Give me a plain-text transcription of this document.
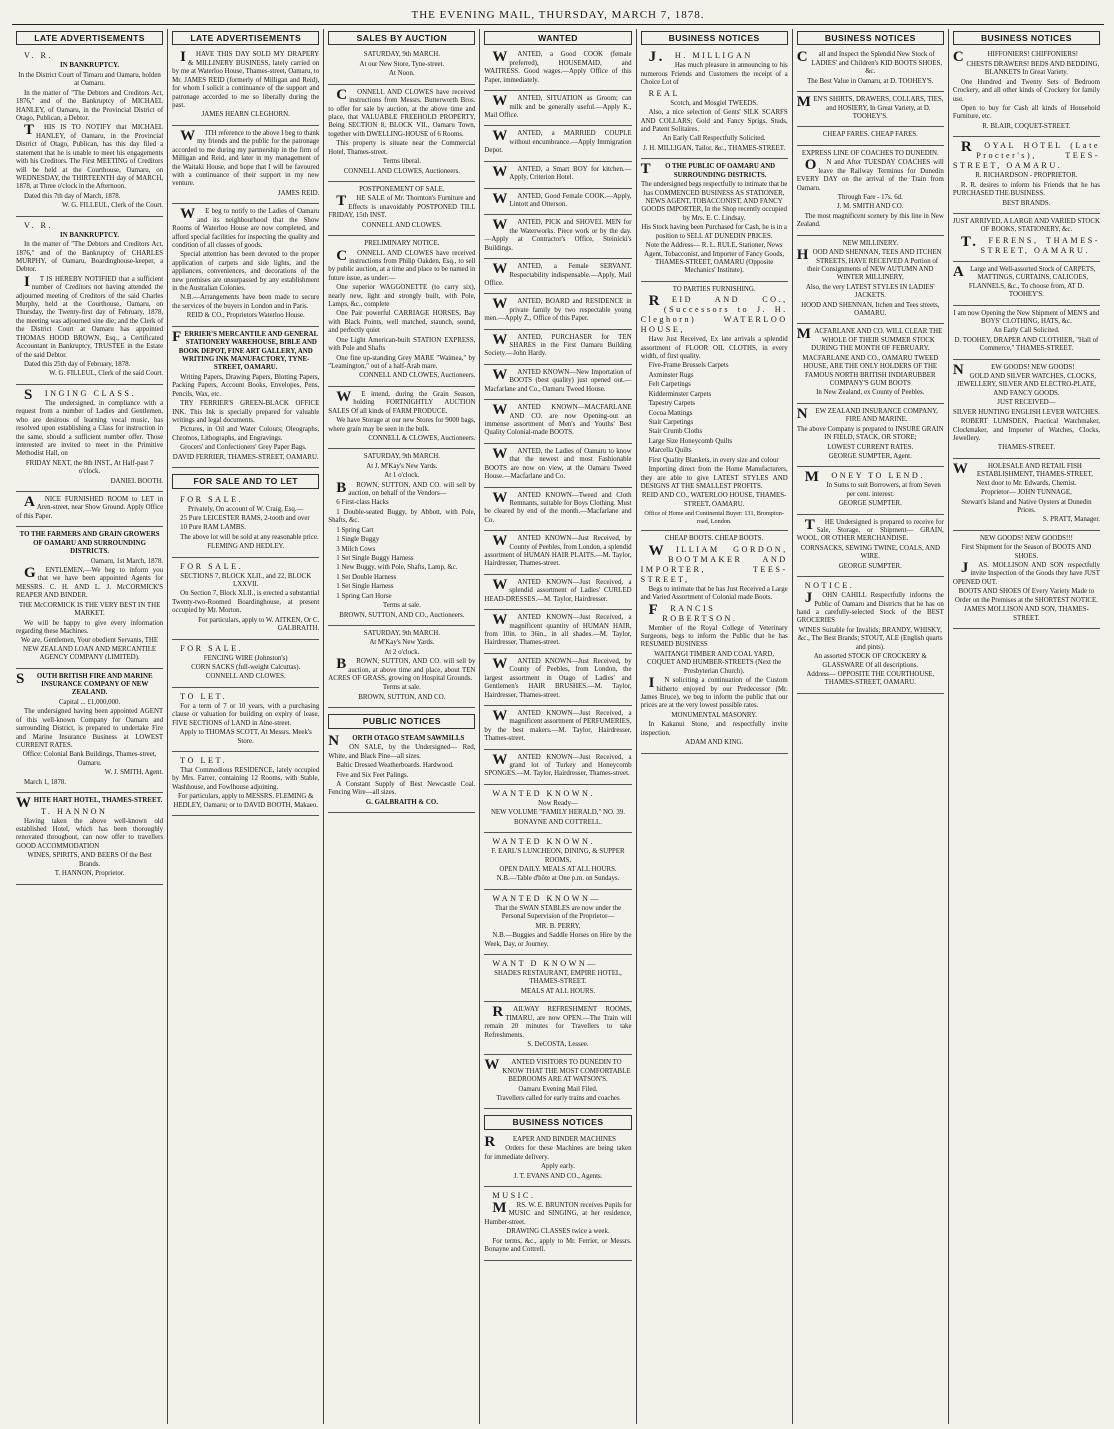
THE EVENING MAIL, THURSDAY, MARCH 7, 1878.
LATE ADVERTISEMENTS

V. R.

IN BANKRUPTCY.

In the District Court of Timaru and Oamaru, holden at Oamaru.

In the matter of "The Debtors and Creditors Act, 1876," and of the Bankruptcy of MICHAEL HANLEY, of Oamaru, in the Provincial District of Otago, Publican, a Debtor.

THIS IS TO NOTIFY that MICHAEL HANLEY, of Oamaru, in the Provincial District of Otago, Publican, has this day filed a statement that he is unable to meet his engagements with his Creditors. The First MEETING of Creditors will be held at the Courthouse, Oamaru, on WEDNESDAY, the THIRTEENTH day of MARCH, 1878, at Three o'clock in the Afternoon.

Dated this 7th day of March, 1878.

W. G. FILLEUL, Clerk of the Court.

V. R.

IN BANKRUPTCY.

In the matter of "The Debtors and Creditors Act, 1876," and of the Bankruptcy of CHARLES MURPHY, of Oamaru, Boardinghouse-keeper, a Debtor.

IT IS HEREBY NOTIFIED that a sufficient number of Creditors not having attended the adjourned meeting of Creditors of the said Charles Murphy, held at the Courthouse, Oamaru, on Thursday, the Twenty-first day of February, 1878, the meeting was adjourned sine die; and the Clerk of the District Court at Oamaru has appointed THOMAS HOOD BROWN, Esq., a Certificated Accountant in Bankruptcy, TRUSTEE in the Estate of the said Debtor.

Dated this 25th day of February, 1878.

W. G. FILLEUL, Clerk of the said Court.

SINGING CLASS.

The undersigned, in compliance with a request from a number of Ladies and Gentlemen, who are desirous of learning vocal music, has resolved upon establishing a Class for instruction in the same, should a sufficient number offer. Those interested are invited to meet in the Primitive Methodist Hall, on

FRIDAY NEXT, the 8th INST., At Half-past 7 o'clock.

DANIEL BOOTH.

ANICE FURNISHED ROOM to LET in Aren-street, near Show Ground. Apply Office of this Paper.

TO THE FARMERS AND GRAIN GROWERS OF OAMARU AND SURROUNDING DISTRICTS.

Oamaru, 1st March, 1878.

GENTLEMEN,—We beg to inform you that we have been appointed Agents for MESSRS. C. H. AND L. J. McCORMICK'S REAPER AND BINDER.

THE McCORMICK IS THE VERY BEST IN THE MARKET.

We will be happy to give every information regarding these Machines.

We are, Gentlemen, Your obedient Servants, THE NEW ZEALAND LOAN AND MERCANTILE AGENCY COMPANY (LIMITED).

SOUTH BRITISH FIRE AND MARINE INSURANCE COMPANY OF NEW ZEALAND.

Capital ... £1,000,000.

The undersigned having been appointed AGENT of this well-known Company for Oamaru and surrounding District, is prepared to undertake Fire and Marine Insurance Business at LOWEST CURRENT RATES.

Office: Colonial Bank Buildings, Thames-street, Oamaru.

W. J. SMITH, Agent.

March 1, 1878.

WHITE HART HOTEL, THAMES-STREET.

T. HANNON

Having taken the above well-known old established Hotel, which has been thoroughly renovated throughout, can now offer to travellers GOOD ACCOMMODATION

WINES, SPIRITS, AND BEERS Of the Best Brands.

T. HANNON, Proprietor.

LATE ADVERTISEMENTS

IHAVE THIS DAY SOLD MY DRAPERY & MILLINERY BUSINESS, lately carried on by me at Waterloo House, Thames-street, Oamaru, to Mr. JAMES REID (formerly of Milligan and Reid), for whom I solicit a continuance of the support and patronage accorded to me so liberally during the past.

JAMES HEARN CLEGHORN.

WITH reference to the above I beg to thank my friends and the public for the patronage accorded to me during my partnership in the firm of Milligan and Reid, and later in my management of the Waitaki House, and hope that I will be favoured with a continuance of their support in my new venture.

JAMES REID.

WE beg to notify to the Ladies of Oamaru and its neighbourhood that the Show Rooms of Waterloo House are now completed, and afford special facilities for inspecting the quality and condition of all classes of goods.

Special attention has been devoted to the proper application of carpets and side lights, and the appliances, conveniences, and decorations of the new premises are unsurpassed by any establishment in the Australian Colonies.

N.B.—Arrangements have been made to secure the services of the buyers in London and in Paris.

REID & CO., Proprietors Waterloo House.

FERRIER'S MERCANTILE AND GENERAL STATIONERY WAREHOUSE, BIBLE AND BOOK DEPOT, FINE ART GALLERY, AND WRITING INK MANUFACTORY, TYNE-STREET, OAMARU.

Writing Papers, Drawing Papers, Blotting Papers, Packing Papers, Account Books, Envelopes, Pens, Pencils, Wax, etc.

TRY FERRIER'S GREEN-BLACK OFFICE INK. This Ink is specially prepared for valuable writings and legal documents.

Pictures, in Oil and Water Colours; Oleographs, Chromos, Lithographs, and Engravings.

Grocers' and Confectioners' Grey Paper Bags.

DAVID FERRIER, THAMES-STREET, OAMARU.

FOR SALE AND TO LET

FOR SALE.

Privately, On account of W. Craig, Esq.—

25 Pure LEICESTER RAMS, 2-tooth and over

10 Pure RAM LAMBS.

The above lot will be sold at any reasonable price.

FLEMING AND HEDLEY.

FOR SALE.

SECTIONS 7, BLOCK XLII., and 22, BLOCK LXXVII.

On Section 7, Block XLII., is erected a substantial Twenty-two-Roomed Boardinghouse, at present occupied by Mr. Morton.

For particulars, apply to W. AITKEN, Or C. GALBRAITH.

FOR SALE.

FENCING WIRE (Johnston's)

CORN SACKS (full-weight Calcuttas).

CONNELL AND CLOWES.

TO LET.

For a term of 7 or 10 years, with a purchasing clause or valuation for building on expiry of lease, FIVE SECTIONS of LAND in Alne-street.

Apply to THOMAS SCOTT, At Messrs. Meek's Store.

TO LET.

That Commodious RESIDENCE, lately occupied by Mrs. Farrer, containing 12 Rooms, with Stable, Washhouse, and Fowlhouse adjoining.

For particulars, apply to MESSRS. FLEMING & HEDLEY, Oamaru; or to DAVID BOOTH, Makaeo.

SALES BY AUCTION

SATURDAY, 9th MARCH.

At our New Store, Tyne-street.

At Noon.

CONNELL AND CLOWES have received instructions from Messrs. Butterworth Bros. to offer for sale by auction, at the above time and place, that VALUABLE FREEHOLD PROPERTY, Being SECTION 8, BLOCK VII., Oamaru Town, together with DWELLING-HOUSE of 6 Rooms.

This property is situate near the Commercial Hotel, Thames-street.

Terms liberal.

CONNELL AND CLOWES, Auctioneers.

POSTPONEMENT OF SALE.

THE SALE of Mr. Thornton's Furniture and Effects is unavoidably POSTPONED TILL FRIDAY, 15th INST.

CONNELL AND CLOWES.

PRELIMINARY NOTICE.

CONNELL AND CLOWES have received instructions from Philip Oakden, Esq., to sell by public auction, at a time and place to be named in future issue, as under:—

One superior WAGGONETTE (to carry six), nearly new, light and strongly built, with Pole, Lamps, &c., complete

One Pair powerful CARRIAGE HORSES, Bay with Black Points, well matched, staunch, sound, and perfectly quiet

One Light American-built STATION EXPRESS, with Pole and Shafts

One fine up-standing Grey MARE "Waimea," by "Leamington," out of a half-Arab mare.

CONNELL AND CLOWES, Auctioneers.

WE intend, during the Grain Season, holding FORTNIGHTLY AUCTION SALES Of all kinds of FARM PRODUCE.

We have Storage at our new Stores for 9000 bags, where grain may be seen in the bulk.

CONNELL & CLOWES, Auctioneers.

SATURDAY, 9th MARCH.

At J. M'Kay's New Yards.

At 1 o'clock.

BROWN, SUTTON, AND CO. will sell by auction, on behalf of the Vendors—

6 First-class Hacks

1 Double-seated Buggy, by Abbott, with Pole, Shafts, &c.

1 Spring Cart

1 Single Buggy

3 Milch Cows

1 Set Single Buggy Harness

1 New Buggy, with Pole, Shafts, Lamp, &c.

1 Set Double Harness

1 Set Single Harness

1 Spring Cart Horse

Terms at sale.

BROWN, SUTTON, AND CO., Auctioneers.

SATURDAY, 9th MARCH.

At M'Kay's New Yards.

At 2 o'clock.

BROWN, SUTTON, AND CO. will sell by auction, at above time and place, about TEN ACRES OF GRASS, growing on Hospital Grounds.

Terms at sale.

BROWN, SUTTON, AND CO.

PUBLIC NOTICES

NORTH OTAGO STEAM SAWMILLS

ON SALE, by the Undersigned— Red, White, and Black Pine—all sizes.

Baltic Dressed Weatherboards. Hardwood.

Five and Six Feet Palings.

A Constant Supply of Best Newcastle Coal. Fencing Wire—all sizes.

G. GALBRAITH & CO.

WANTED

WANTED, a Good COOK (female preferred), HOUSEMAID, and WAITRESS. Good wages.—Apply Office of this Paper, immediately.

WANTED, SITUATION as Groom; can milk and be generally useful.—Apply K., Mail Office.

WANTED, a MARRIED COUPLE without encumbrance.—Apply Immigration Depot.

WANTED, a Smart BOY for kitchen.—Apply, Criterion Hotel.

WANTED, Good Female COOK.—Apply, Lintott and Otterson.

WANTED, PICK and SHOVEL MEN for the Waterworks. Piece work or by the day.—Apply at Contractor's Office, Steinicki's Buildings.

WANTED, a Female SERVANT. Respectability indispensable.—Apply, Mail Office.

WANTED, BOARD and RESIDENCE in private family by two respectable young men.—Apply Z., Office of this Paper.

WANTED, PURCHASER for TEN SHARES in the First Oamaru Building Society.—John Hardy.

WANTED KNOWN—New Importation of BOOTS (best quality) just opened out.—Macfarlane and Co., Oamaru Tweed House.

WANTED KNOWN—MACFARLANE AND CO. are now Opening-out an immense assortment of Men's and Youths' Best Quality Colonial-made BOOTS.

WANTED, the Ladies of Oamaru to know that the newest and most Fashionable BOOTS are now on view, at the Oamaru Tweed House.—Macfarlane and Co.

WANTED KNOWN—Tweed and Cloth Remnants, suitable for Boys Clothing. Must be cleared by end of the month.—Macfarlane and Co.

WANTED KNOWN—Just Received, by County of Peebles, from London, a splendid assortment of HUMAN HAIR PLAITS.—M. Taylor, Hairdresser, Thames-street.

WANTED KNOWN—Just Received, a splendid assortment of Ladies' CURLED HEAD-DRESSES.—M. Taylor, Hairdresser.

WANTED KNOWN—Just Received, a magnificent quantity of HUMAN HAIR, from 10in. to 36in., in all shades.—M. Taylor, Hairdresser, Thames-street.

WANTED KNOWN—Just Received, by County of Peebles, from London, the largest assortment in Otago of Ladies' and Gentlemen's HAIR BRUSHES.—M. Taylor, Hairdresser, Thames-street.

WANTED KNOWN—Just Received, a magnificent assortment of PERFUMERIES, by the best makers.—M. Taylor, Hairdresser, Thames-street.

WANTED KNOWN—Just Received, a grand lot of Turkey and Honeycomb SPONGES.—M. Taylor, Hairdresser, Thames-street.

WANTED KNOWN.

Now Ready—

NEW VOLUME "FAMILY HERALD," NO. 39.

BONAYNE AND COTTRELL.

WANTED KNOWN.

F. EARL'S LUNCHEON, DINING, & SUPPER ROOMS,

OPEN DAILY. MEALS AT ALL HOURS.

N.B.—Table d'hôte at One p.m. on Sundays.

WANTED KNOWN—

That the SWAN STABLES are now under the Personal Supervision of the Proprietor—

MR. B. PERRY,

N.B.—Buggies and Saddle Horses on Hire by the Week, Day, or Journey.

WANT D KNOWN—

SHADES RESTAURANT, EMPIRE HOTEL, THAMES-STREET.

MEALS AT ALL HOURS.

RAILWAY REFRESHMENT ROOMS, TIMARU, are now OPEN.—The Train will remain 20 minutes for Travellers to take Refreshments.

S. DeCOSTA, Lessee.

WANTED VISITORS TO DUNEDIN TO KNOW THAT THE MOST COMFORTABLE BEDROOMS ARE AT WATSON'S.

Oamaru Evening Mail Filed.

Travellers called for early trains and coaches

BUSINESS NOTICES

REAPER AND BINDER MACHINES

Orders for these Machines are being taken for immediate delivery.

Apply early.

J. T. EVANS AND CO., Agents.

MUSIC.

MRS. W. E. BRUNTON receives Pupils for MUSIC and SINGING, at her residence, Humber-street.

DRAWING CLASSES twice a week.

For terms, &c., apply to Mr. Ferrier, or Messrs. Bonayne and Cottrell.

BUSINESS NOTICES

J.H. MILLIGAN

Has much pleasure in announcing to his numerous Friends and Customers the receipt of a Choice Lot of

REAL

Scotch, and Mosgiel TWEEDS.

Also, a nice selection of Gents' SILK SCARFS AND COLLARS; Gold and Fancy Sprigs, Studs, and Patent Solitaires.

An Early Call Respectfully Solicited.

J. H. MILLIGAN, Tailor, &c., THAMES-STREET.

TO THE PUBLIC OF OAMARU AND SURROUNDING DISTRICTS.

The undersigned begs respectfully to intimate that he has COMMENCED BUSINESS AS STATIONER, NEWS AGENT, TOBACCONIST, AND FANCY GOODS IMPORTER, In the Shop recently occupied by Mrs. E. C. Lindsay.

His Stock having been Purchased for Cash, he is in a position to SELL AT DUNEDIN PRICES.

Note the Address— R. L. RULE, Stationer, News Agent, Tobacconist, and Importer of Fancy Goods, THAMES-STREET, OAMARU (Opposite Mechanics' Institute).

TO PARTIES FURNISHING.

REID AND CO., (Successors to J. H. Cleghorn) WATERLOO HOUSE,

Have Just Received, Ex late arrivals a splendid assortment of FLOOR OIL CLOTHS, in every width, of first quality.

Five-Frame Brussels Carpets

Axminster Rugs

Felt Carpetings

Kidderminster Carpets

Tapestry Carpets

Cocoa Mattings

Stair Carpetings

Stair Crumb Cloths

Large Size Honeycomb Quilts

Marcella Quilts

First Quality Blankets, in every size and colour

Importing direct from the Home Manufacturers, they are able to give LATEST STYLES AND DESIGNS AT THE SMALLEST PROFITS.

REID AND CO., WATERLOO HOUSE, THAMES-STREET, OAMARU.

Office of Home and Continental Buyer: 131, Brompton-road, London.

CHEAP BOOTS. CHEAP BOOTS.

WILLIAM GORDON, BOOTMAKER AND IMPORTER, TEES-STREET,

Begs to intimate that he has Just Received a Large and Varied Assortment of Colonial made Boots.

FRANCIS ROBERTSON.

Member of the Royal College of Veterinary Surgeons, begs to inform the Public that he has RESUMED BUSINESS

WAITANGI TIMBER AND COAL YARD, COQUET AND HUMBER-STREETS (Next the Presbyterian Church).

IN soliciting a continuation of the Custom hitherto enjoyed by our Predecessor (Mr. James Bruce), we beg to inform the public that our prices are at the very lowest possible rates.

MONUMENTAL MASONRY.

In Kakanui Stone, and respectfully invite inspection.

ADAM AND KING.

BUSINESS NOTICES

Call and Inspect the Splendid New Stock of LADIES' and Children's KID BOOTS SHOES, &c.

The Best Value in Oamaru, at D. TOOHEY'S.

MEN'S SHIRTS, DRAWERS, COLLARS, TIES, and HOSIERY, In Great Variety, at D. TOOHEY'S.

CHEAP FARES. CHEAP FARES.

EXPRESS LINE OF COACHES TO DUNEDIN.

ON and After TUESDAY COACHES will leave the Railway Terminus for Dunedin EVERY DAY on the arrival of the Train from Oamaru.

Through Fare - 17s. 6d.

J. M. SMITH AND CO.

The most magnificent scenery by this line in New Zealand.

NEW MILLINERY.

HOOD AND SHENNAN, TEES AND ITCHEN STREETS, HAVE RECEIVED A Portion of their Consignments of NEW AUTUMN AND WINTER MILLINERY,

Also, the very LATEST STYLES IN LADIES' JACKETS.

HOOD AND SHENNAN, Itchen and Tees streets, OAMARU.

MACFARLANE AND CO. WILL CLEAR THE WHOLE OF THEIR SUMMER STOCK DURING THE MONTH OF FEBRUARY.

MACFARLANE AND CO., OAMARU TWEED HOUSE, ARE THE ONLY HOLDERS OF THE FAMOUS NORTH BRITISH INDIARUBBER COMPANY'S GUM BOOTS

In New Zealand, ex County of Peebles.

NEW ZEALAND INSURANCE COMPANY, FIRE AND MARINE.

The above Company is prepared to INSURE GRAIN IN FIELD, STACK, OR STORE;

LOWEST CURRENT RATES.

GEORGE SUMPTER, Agent.

MONEY TO LEND.

In Sums to suit Borrowers, at from Seven per cent. interest.

GEORGE SUMPTER.

THE Undersigned is prepared to receive for Sale, Storage, or Shipment— GRAIN, WOOL, OR OTHER MERCHANDISE.

CORNSACKS, SEWING TWINE, COALS, AND WIRE.

GEORGE SUMPTER.

NOTICE.

JOHN CAHILL Respectfully informs the Public of Oamaru and Districts that he has on hand a carefully-selected Stock of the BEST GROCERIES

WINES Suitable for Invalids; BRANDY, WHISKY, &c., The Best Brands; STOUT, ALE (English quarts and pints).

An assorted STOCK OF CROCKERY & GLASSWARE Of all descriptions.

Address— OPPOSITE THE COURTHOUSE, THAMES-STREET, OAMARU.

BUSINESS NOTICES

CHIFFONIERS! CHIFFONIERS!

CHESTS DRAWERS! BEDS AND BEDDING, BLANKETS In Great Variety.

One Hundred and Twenty Sets of Bedroom Crockery, and all other kinds of Crockery for family use.

Open to buy for Cash all kinds of Household Furniture, etc.

R. BLAIR, COQUET-STREET.

ROYAL HOTEL (Late Procter's), TEES-STREET, OAMARU.

R. RICHARDSON - PROPRIETOR.

R. R. desires to inform his Friends that he has PURCHASED THE BUSINESS.

BEST BRANDS.

JUST ARRIVED, A LARGE AND VARIED STOCK OF BOOKS, STATIONERY, &c.

T.FERENS, THAMES-STREET, OAMARU.

ALarge and Well-assorted Stock of CARPETS, MATTINGS, CURTAINS, CALICOES, FLANNELS, &c., To choose from, AT D. TOOHEY'S.

I am now Opening the New Shipment of MEN'S and BOYS' CLOTHING, HATS, &c.

An Early Call Solicited.

D. TOOHEY, DRAPER AND CLOTHIER, "Hall of Commerce," THAMES-STREET.

NEW GOODS! NEW GOODS!

GOLD AND SILVER WATCHES, CLOCKS, JEWELLERY, SILVER AND ELECTRO-PLATE, AND FANCY GOODS.

JUST RECEIVED—

SILVER HUNTING ENGLISH LEVER WATCHES.

ROBERT LUMSDEN, Practical Watchmaker, Clockmaker, and Importer of Watches, Clocks, Jewellery.

THAMES-STREET.

WHOLESALE AND RETAIL FISH ESTABLISHMENT, THAMES-STREET, Next door to Mr. Edwards, Chemist.

Proprietor— JOHN TUNNAGE,

Stewart's Island and Native Oysters at Dunedin Prices.

S. PRATT, Manager.

NEW GOODS! NEW GOODS!!!

First Shipment for the Season of BOOTS AND SHOES.

JAS. MOLLISON AND SON respectfully invite Inspection of the Goods they have JUST OPENED OUT.

BOOTS AND SHOES Of Every Variety Made to Order on the Premises at the SHORTEST NOTICE.

JAMES MOLLISON AND SON, THAMES-STREET.
